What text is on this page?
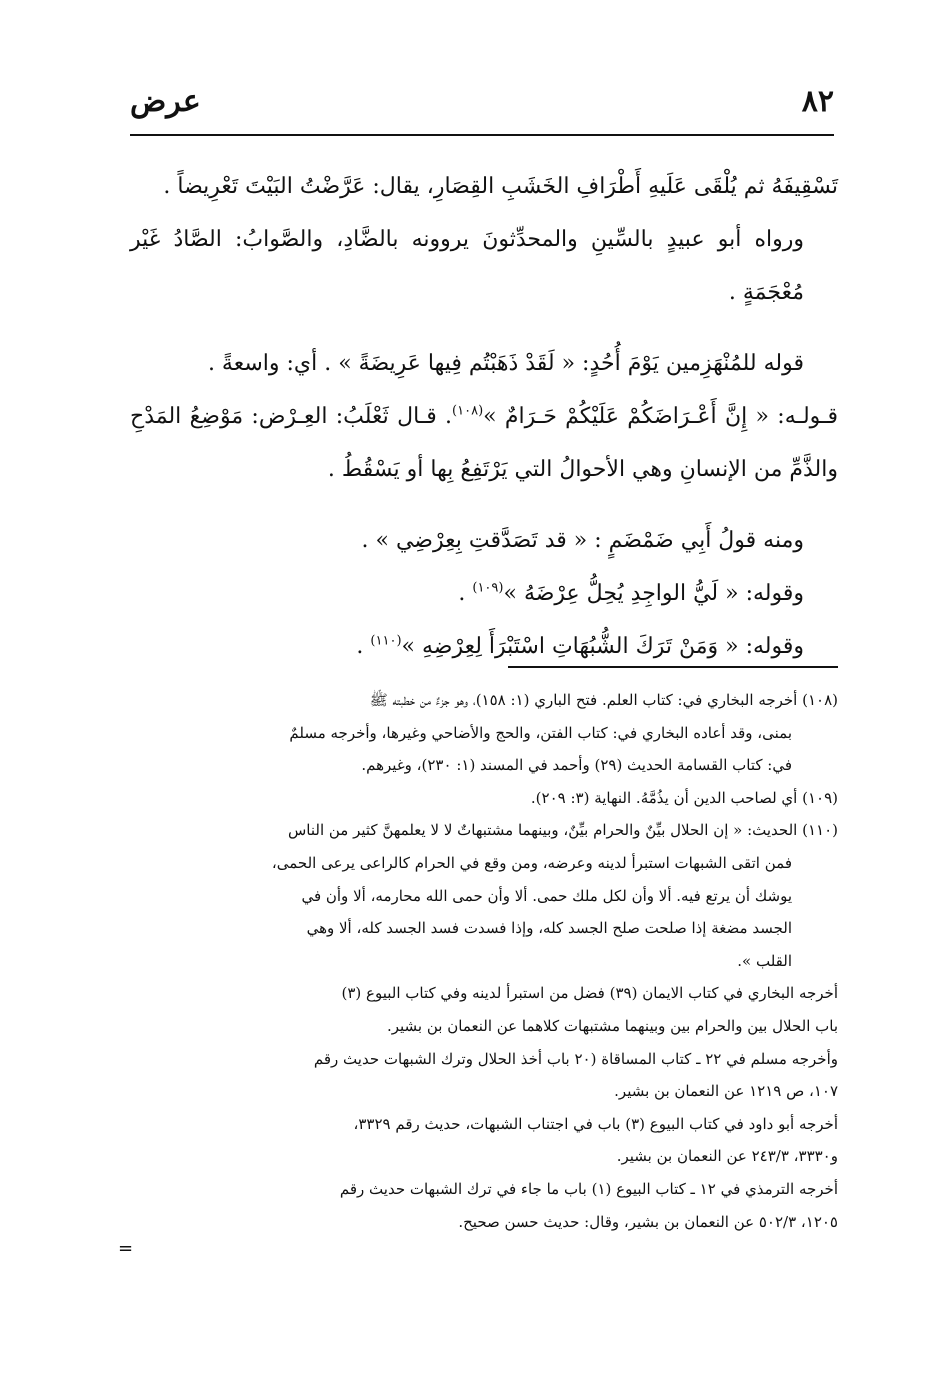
٨٢
عرض

تَسْقِيفَهُ ثم يُلْقَى عَلَيهِ أَطْرَافِ الخَشَبِ القِصَارِ، يقال: عَرَّضْتُ البَيْتَ تَعْرِيضاً .

ورواه أبو عبيدٍ بالسِّينِ والمحدِّثونَ يروونه بالضَّادِ، والصَّوابُ: الصَّادُ غَيْر مُعْجَمَةٍ .

قوله للمُنْهَزِمين يَوْمَ أُحُدٍ: « لَقَدْ ذَهَبْتُم فِيها عَرِيضَةً » . أي: واسعةً .

قـولـه: « إِنَّ أَعْـرَاضَكُمْ عَلَيْكُمْ حَـرَامٌ »$^{(١٠٨)}$. قـال ثَعْلَبُ: العِـرْض: مَوْضِعُ المَدْحِ والذَّمِّ من الإنسانِ وهي الأحوالُ التي يَرْتَفِعُ بِها أو يَسْقُطُ .

ومنه قولُ أَبِي ضَمْضَمٍ : « قد تَصَدَّقتِ بِعِرْضِي » .

وقوله: « لَيُّ الواجِدِ يُحِلُّ عِرْضَهُ »$^{(١٠٩)}$ .

وقوله: « وَمَنْ تَرَكَ الشُّبُهَاتِ اسْتَبْرَأَ لِعِرْضِهِ »$^{(١١٠)}$ .

(١٠٨) أخرجه البخاري في: كتاب العلم. فتح الباري (١: ١٥٨)، وهو جزءٌ من خطبته ﷺ

بمنى، وقد أعاده البخاري في: كتاب الفتن، والحج والأضاحي وغيرها، وأخرجه مسلمٌ

في: كتاب القسامة الحديث (٢٩) وأحمد في المسند (١: ٢٣٠)، وغيرهم.

(١٠٩) أي لصاحب الدين أن يذُمَّهُ. النهاية (٣: ٢٠٩).

(١١٠) الحديث: « إن الحلال بيِّنٌ والحرام بيِّنٌ، وبينهما مشتبهاتٌ لا لا يعلمهنَّ كثير من الناس

فمن اتقى الشبهات استبرأ لدينه وعرضه، ومن وقع في الحرام كالراعى يرعى الحمى،

يوشك أن يرتع فيه. ألا وأن لكل ملك حمى. ألا وأن حمى الله محارمه، ألا وأن في

الجسد مضغة إذا صلحت صلح الجسد كله، وإذا فسدت فسد الجسد كله، ألا وهي

القلب ».

أخرجه البخاري في كتاب الايمان (٣٩) فضل من استبرأ لدينه وفي كتاب البيوع (٣)

باب الحلال بين والحرام بين وبينهما مشتبهات كلاهما عن النعمان بن بشير.

وأخرجه مسلم في ٢٢ ـ كتاب المساقاة (٢٠ باب أخذ الحلال وترك الشبهات حديث رقم

١٠٧، ص ١٢١٩ عن النعمان بن بشير.

أخرجه أبو داود في كتاب البيوع (٣) باب في اجتناب الشبهات، حديث رقم ٣٣٢٩،

و٣٣٣٠، ٢٤٣/٣ عن النعمان بن بشير.

أخرجه الترمذي في ١٢ ـ كتاب البيوع (١) باب ما جاء في ترك الشبهات حديث رقم

١٢٠٥، ٥٠٢/٣ عن النعمان بن بشير، وقال: حديث حسن صحيح.

=
